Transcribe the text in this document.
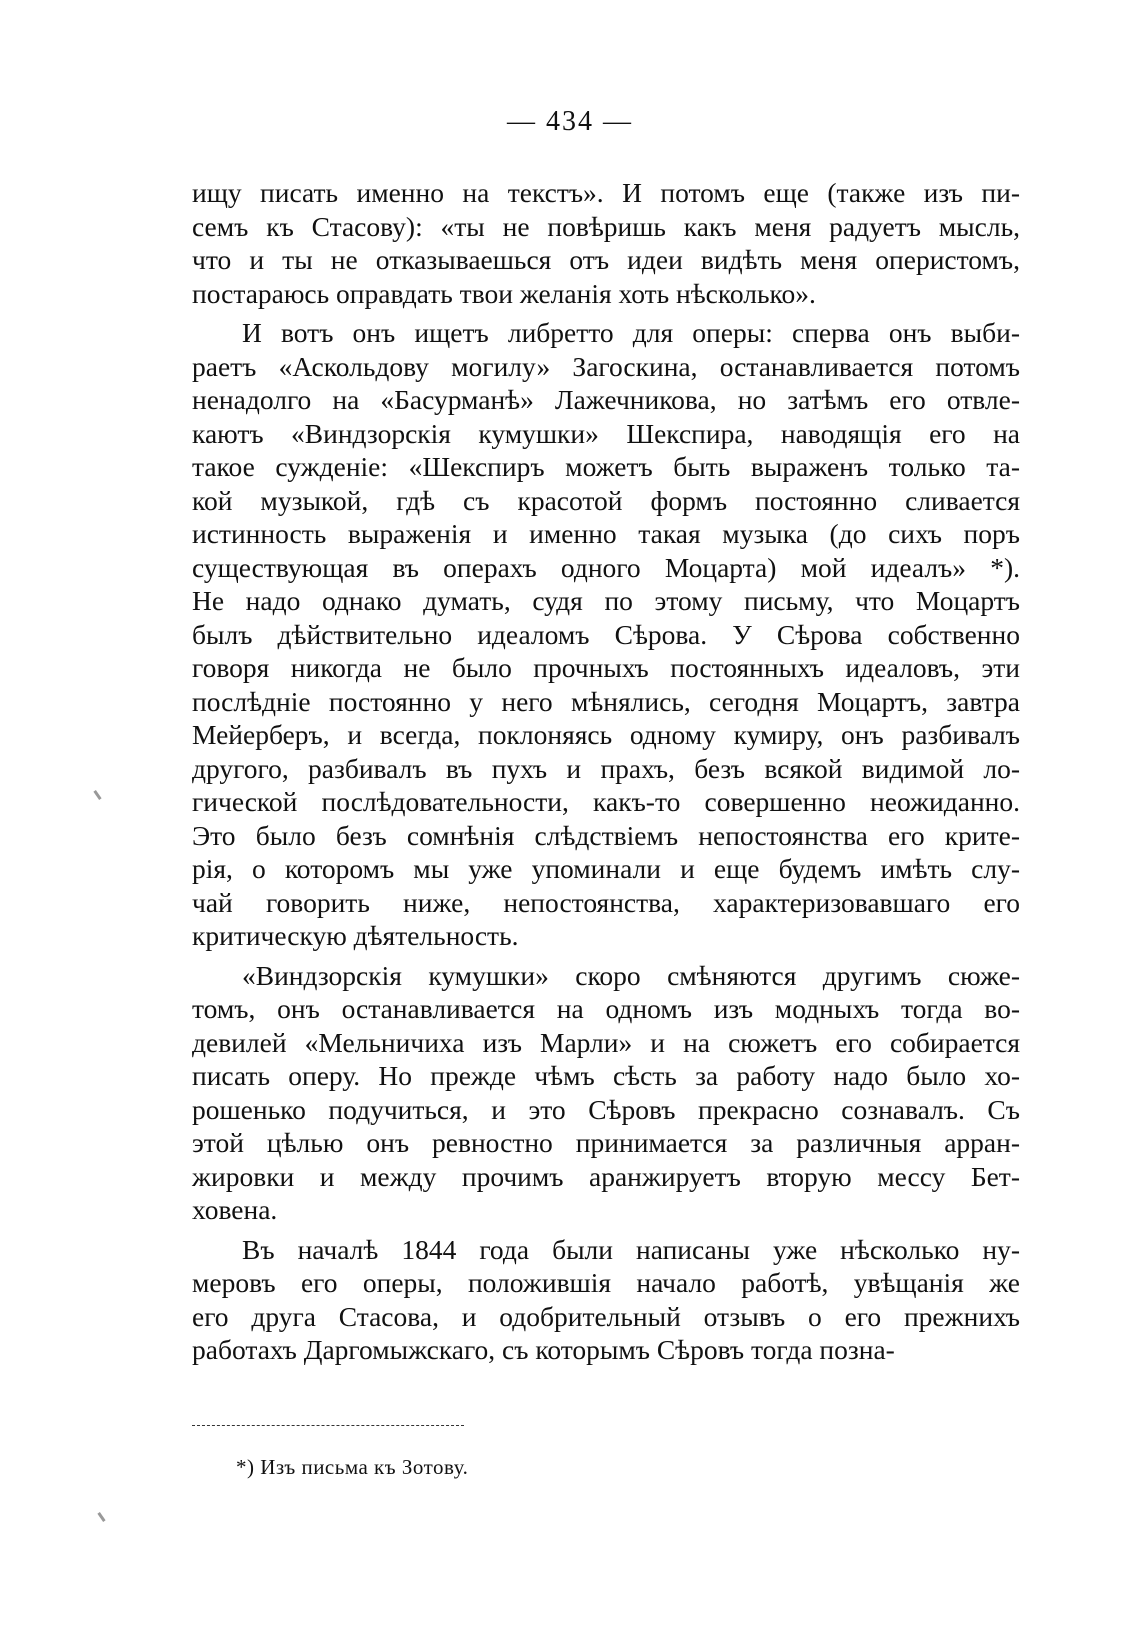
— 434 —
ищу писать именно на текстъ». И потомъ еще (также изъ пи-
семъ къ Стасову): «ты не повѣришь какъ меня радуетъ мысль,
что и ты не отказываешься отъ идеи видѣть меня оперистомъ,
постараюсь оправдать твои желанія хоть нѣсколько».
И вотъ онъ ищетъ либретто для оперы: сперва онъ выби-
раетъ «Аскольдову могилу» Загоскина, останавливается потомъ
ненадолго на «Басурманѣ» Лажечникова, но затѣмъ его отвле-
каютъ «Виндзорскія кумушки» Шекспира, наводящія его на
такое сужденіе: «Шекспиръ можетъ быть выраженъ только та-
кой музыкой, гдѣ съ красотой формъ постоянно сливается
истинность выраженія и именно такая музыка (до сихъ поръ
существующая въ операхъ одного Моцарта) мой идеалъ» *).
Не надо однако думать, судя по этому письму, что Моцартъ
былъ дѣйствительно идеаломъ Сѣрова. У Сѣрова собственно
говоря никогда не было прочныхъ постоянныхъ идеаловъ, эти
послѣдніе постоянно у него мѣнялись, сегодня Моцартъ, завтра
Мейерберъ, и всегда, поклоняясь одному кумиру, онъ разбивалъ
другого, разбивалъ въ пухъ и прахъ, безъ всякой видимой ло-
гической послѣдовательности, какъ-то совершенно неожиданно.
Это было безъ сомнѣнія слѣдствіемъ непостоянства его крите-
рія, о которомъ мы уже упоминали и еще будемъ имѣть слу-
чай говорить ниже, непостоянства, характеризовавшаго его
критическую дѣятельность.
«Виндзорскія кумушки» скоро смѣняются другимъ сюже-
томъ, онъ останавливается на одномъ изъ модныхъ тогда во-
девилей «Мельничиха изъ Марли» и на сюжетъ его собирается
писать оперу. Но прежде чѣмъ сѣсть за работу надо было хо-
рошенько подучиться, и это Сѣровъ прекрасно сознавалъ. Съ
этой цѣлью онъ ревностно принимается за различныя арран-
жировки и между прочимъ аранжируетъ вторую мессу Бет-
ховена.
Въ началѣ 1844 года были написаны уже нѣсколько ну-
меровъ его оперы, положившія начало работѣ, увѣщанія же
его друга Стасова, и одобрительный отзывъ о его прежнихъ
работахъ Даргомыжскаго, съ которымъ Сѣровъ тогда позна-
*) Изъ письма къ Зотову.
